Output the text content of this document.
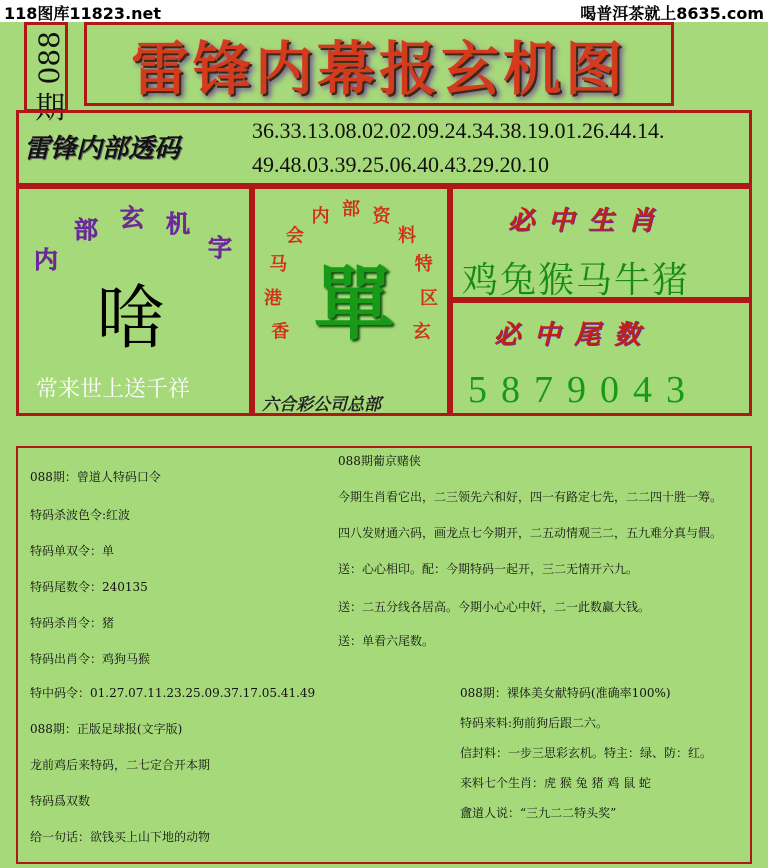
118图库11823.net	喝普洱茶就上8635.com
088
期
雷锋内幕报玄机图
雷锋内部透码
36.33.13.08.02.02.09.24.34.38.19.01.26.44.14.
49.48.03.39.25.06.40.43.29.20.10
内
部 玄 机
字
啥
常来世上送千祥
香
港
马
会
内 部 资
料
特
区
玄
單
六合彩公司总部
必中生肖
鸡兔猴马牛猪
必中尾数
5879043
088期：曾道人特码口令
特码杀波色令:红波
特码单双令：单
特码尾数令：240135
特码杀肖令：猪
特码出肖令：鸡狗马猴
特中码令：01.27.07.11.23.25.09.37.17.05.41.49
088期：正版足球报(文字版)
龙前鸡后来特码，二七定合开本期
特码爲双数
给一句话：欲钱买上山下地的动物
088期葡京赌侠
今期生肖看它出，二三领先六和好，四一有路定七先，二二四十胜一筹。
四八发财通六码，画龙点七今期开，二五动情观三二，五九难分真与假。
送：心心相印。配：今期特码一起开，三二无情开六九。
送：二五分线各居高。今期小心心中奸，二一此数赢大钱。
送：单看六尾数。
088期：裸体美女献特码(准确率100%)
特码来料:狗前狗后跟二六。
信封料：一步三思彩玄机。特主：绿、防：红。
来料七个生肖：虎 猴 兔 猪 鸡 鼠 蛇
盦道人说：“三九二二特头奖”
